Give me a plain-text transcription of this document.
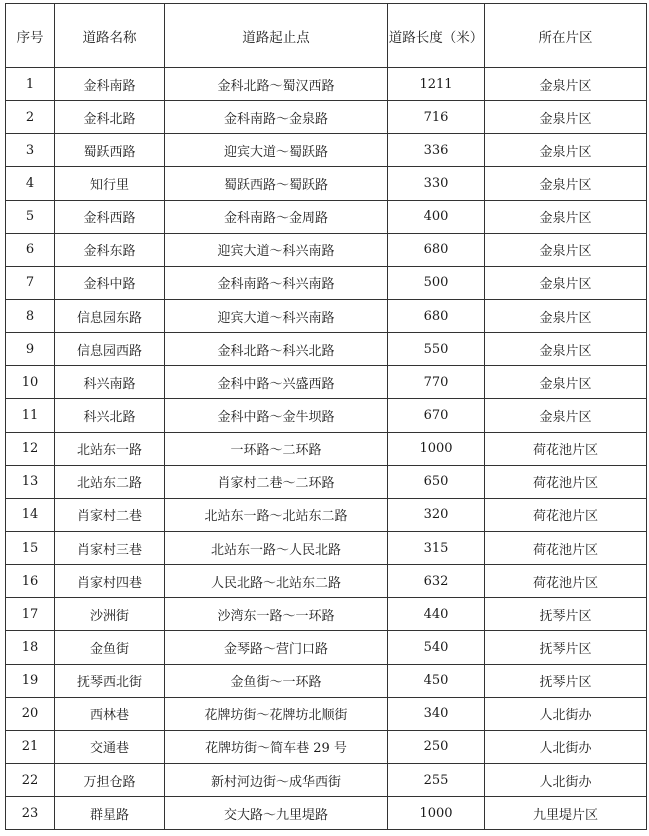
序号	道路名称	道路起止点	道路长度（米）	所在片区
1	金科南路	金科北路～蜀汉西路	1211	金泉片区
2	金科北路	金科南路～金泉路	716	金泉片区
3	蜀跃西路	迎宾大道～蜀跃路	336	金泉片区
4	知行里	蜀跃西路～蜀跃路	330	金泉片区
5	金科西路	金科南路～金周路	400	金泉片区
6	金科东路	迎宾大道～科兴南路	680	金泉片区
7	金科中路	金科南路～科兴南路	500	金泉片区
8	信息园东路	迎宾大道～科兴南路	680	金泉片区
9	信息园西路	金科北路～科兴北路	550	金泉片区
10	科兴南路	金科中路～兴盛西路	770	金泉片区
11	科兴北路	金科中路～金牛坝路	670	金泉片区
12	北站东一路	一环路～二环路	1000	荷花池片区
13	北站东二路	肖家村二巷～二环路	650	荷花池片区
14	肖家村二巷	北站东一路～北站东二路	320	荷花池片区
15	肖家村三巷	北站东一路～人民北路	315	荷花池片区
16	肖家村四巷	人民北路～北站东二路	632	荷花池片区
17	沙洲街	沙湾东一路～一环路	440	抚琴片区
18	金鱼街	金琴路～营门口路	540	抚琴片区
19	抚琴西北街	金鱼街～一环路	450	抚琴片区
20	西林巷	花牌坊街～花牌坊北顺街	340	人北街办
21	交通巷	花牌坊街～简车巷 29 号	250	人北街办
22	万担仓路	新村河边街～成华西街	255	人北街办
23	群星路	交大路～九里堤路	1000	九里堤片区
